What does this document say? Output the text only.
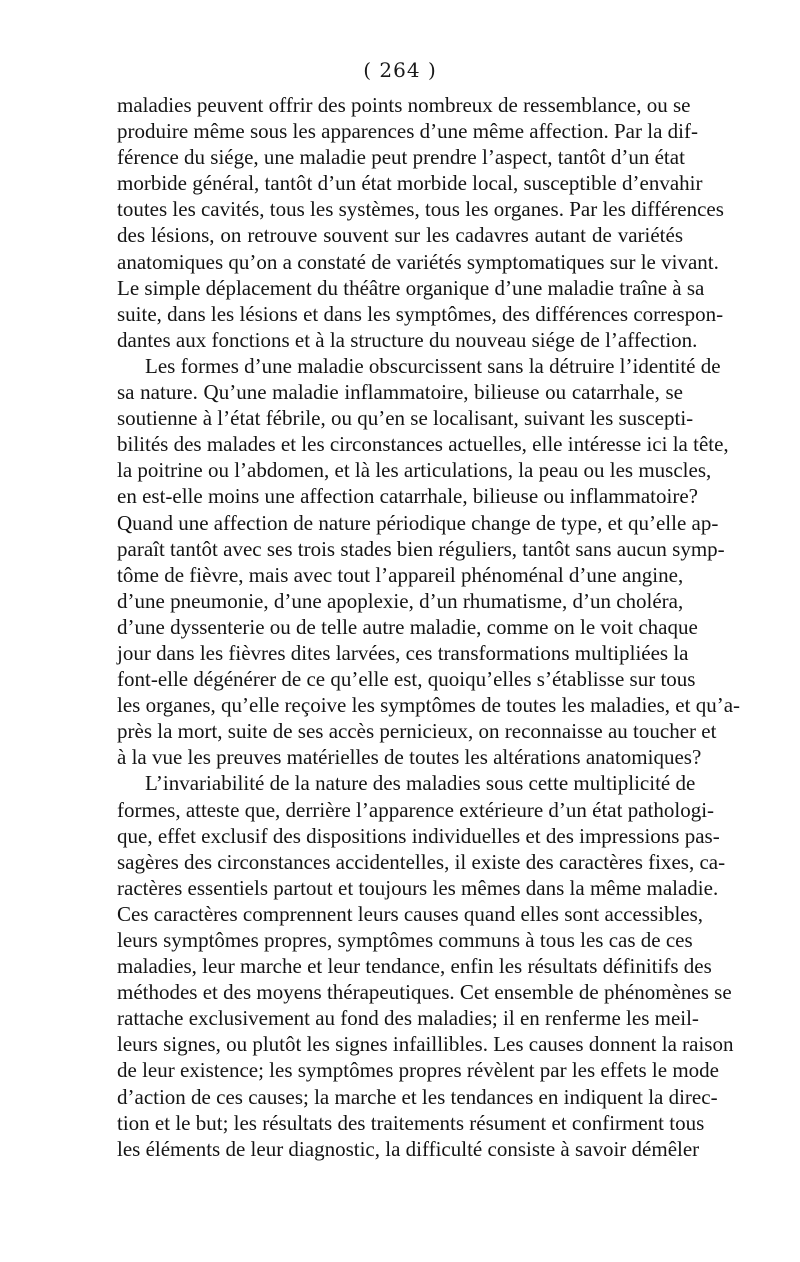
( 264 )
maladies peuvent offrir des points nombreux de ressemblance, ou se
produire même sous les apparences d’une même affection. Par la dif-
férence du siége, une maladie peut prendre l’aspect, tantôt d’un état
morbide général, tantôt d’un état morbide local, susceptible d’envahir
toutes les cavités, tous les systèmes, tous les organes. Par les différences
des lésions, on retrouve souvent sur les cadavres autant de variétés
anatomiques qu’on a constaté de variétés symptomatiques sur le vivant.
Le simple déplacement du théâtre organique d’une maladie traîne à sa
suite, dans les lésions et dans les symptômes, des différences correspon-
dantes aux fonctions et à la structure du nouveau siége de l’affection.
Les formes d’une maladie obscurcissent sans la détruire l’identité de
sa nature. Qu’une maladie inflammatoire, bilieuse ou catarrhale, se
soutienne à l’état fébrile, ou qu’en se localisant, suivant les suscepti-
bilités des malades et les circonstances actuelles, elle intéresse ici la tête,
la poitrine ou l’abdomen, et là les articulations, la peau ou les muscles,
en est-elle moins une affection catarrhale, bilieuse ou inflammatoire?
Quand une affection de nature périodique change de type, et qu’elle ap-
paraît tantôt avec ses trois stades bien réguliers, tantôt sans aucun symp-
tôme de fièvre, mais avec tout l’appareil phénoménal d’une angine,
d’une pneumonie, d’une apoplexie, d’un rhumatisme, d’un choléra,
d’une dyssenterie ou de telle autre maladie, comme on le voit chaque
jour dans les fièvres dites larvées, ces transformations multipliées la
font-elle dégénérer de ce qu’elle est, quoiqu’elles s’établisse sur tous
les organes, qu’elle reçoive les symptômes de toutes les maladies, et qu’a-
près la mort, suite de ses accès pernicieux, on reconnaisse au toucher et
à la vue les preuves matérielles de toutes les altérations anatomiques?
L’invariabilité de la nature des maladies sous cette multiplicité de
formes, atteste que, derrière l’apparence extérieure d’un état pathologi-
que, effet exclusif des dispositions individuelles et des impressions pas-
sagères des circonstances accidentelles, il existe des caractères fixes, ca-
ractères essentiels partout et toujours les mêmes dans la même maladie.
Ces caractères comprennent leurs causes quand elles sont accessibles,
leurs symptômes propres, symptômes communs à tous les cas de ces
maladies, leur marche et leur tendance, enfin les résultats définitifs des
méthodes et des moyens thérapeutiques. Cet ensemble de phénomènes se
rattache exclusivement au fond des maladies; il en renferme les meil-
leurs signes, ou plutôt les signes infaillibles. Les causes donnent la raison
de leur existence; les symptômes propres révèlent par les effets le mode
d’action de ces causes; la marche et les tendances en indiquent la direc-
tion et le but; les résultats des traitements résument et confirment tous
les éléments de leur diagnostic, la difficulté consiste à savoir démêler
